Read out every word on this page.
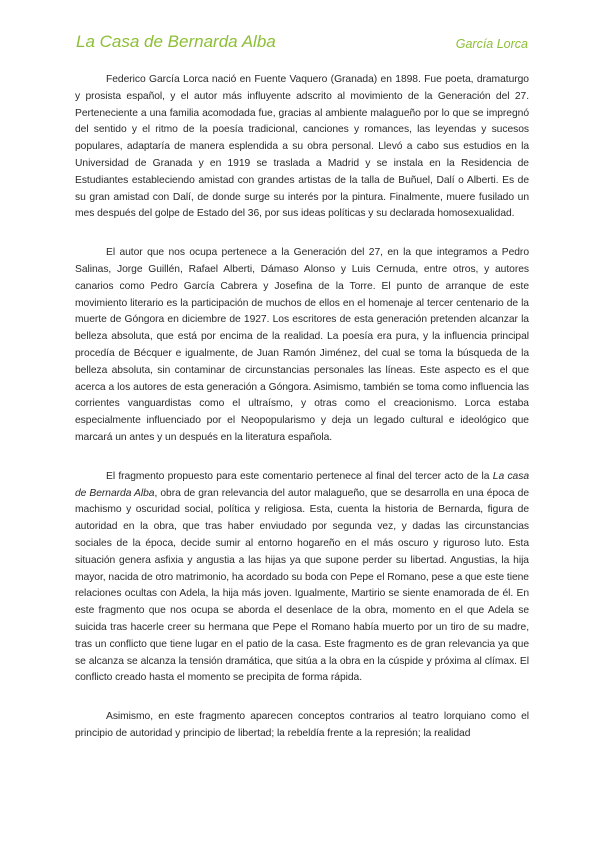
La Casa de Bernarda Alba	García Lorca

Federico García Lorca nació en Fuente Vaquero (Granada) en 1898. Fue poeta, dramaturgo y prosista español, y el autor más influyente adscrito al movimiento de la Generación del 27. Perteneciente a una familia acomodada fue, gracias al ambiente malagueño por lo que se impregnó del sentido y el ritmo de la poesía tradicional, canciones y romances, las leyendas y sucesos populares, adaptaría de manera esplendida a su obra personal. Llevó a cabo sus estudios en la Universidad de Granada y en 1919 se traslada a Madrid y se instala en la Residencia de Estudiantes estableciendo amistad con grandes artistas de la talla de Buñuel, Dalí o Alberti. Es de su gran amistad con Dalí, de donde surge su interés por la pintura. Finalmente, muere fusilado un mes después del golpe de Estado del 36, por sus ideas políticas y su declarada homosexualidad.

El autor que nos ocupa pertenece a la Generación del 27, en la que integramos a Pedro Salinas, Jorge Guillén, Rafael Alberti, Dámaso Alonso y Luis Cernuda, entre otros, y autores canarios como Pedro García Cabrera y Josefina de la Torre. El punto de arranque de este movimiento literario es la participación de muchos de ellos en el homenaje al tercer centenario de la muerte de Góngora en diciembre de 1927. Los escritores de esta generación pretenden alcanzar la belleza absoluta, que está por encima de la realidad. La poesía era pura, y la influencia principal procedía de Bécquer e igualmente, de Juan Ramón Jiménez, del cual se toma la búsqueda de la belleza absoluta, sin contaminar de circunstancias personales las líneas. Este aspecto es el que acerca a los autores de esta generación a Góngora. Asimismo, también se toma como influencia las corrientes vanguardistas como el ultraísmo, y otras como el creacionismo. Lorca estaba especialmente influenciado por el Neopopularismo y deja un legado cultural e ideológico que marcará un antes y un después en la literatura española.

El fragmento propuesto para este comentario pertenece al final del tercer acto de la La casa de Bernarda Alba, obra de gran relevancia del autor malagueño, que se desarrolla en una época de machismo y oscuridad social, política y religiosa. Esta, cuenta la historia de Bernarda, figura de autoridad en la obra, que tras haber enviudado por segunda vez, y dadas las circunstancias sociales de la época, decide sumir al entorno hogareño en el más oscuro y riguroso luto. Esta situación genera asfixia y angustia a las hijas ya que supone perder su libertad. Angustias, la hija mayor, nacida de otro matrimonio, ha acordado su boda con Pepe el Romano, pese a que este tiene relaciones ocultas con Adela, la hija más joven. Igualmente, Martirio se siente enamorada de él. En este fragmento que nos ocupa se aborda el desenlace de la obra, momento en el que Adela se suicida tras hacerle creer su hermana que Pepe el Romano había muerto por un tiro de su madre, tras un conflicto que tiene lugar en el patio de la casa. Este fragmento es de gran relevancia ya que se alcanza se alcanza la tensión dramática, que sitúa a la obra en la cúspide y próxima al clímax. El conflicto creado hasta el momento se precipita de forma rápida.

Asimismo, en este fragmento aparecen conceptos contrarios al teatro lorquiano como el principio de autoridad y principio de libertad; la rebeldía frente a la represión; la realidad
